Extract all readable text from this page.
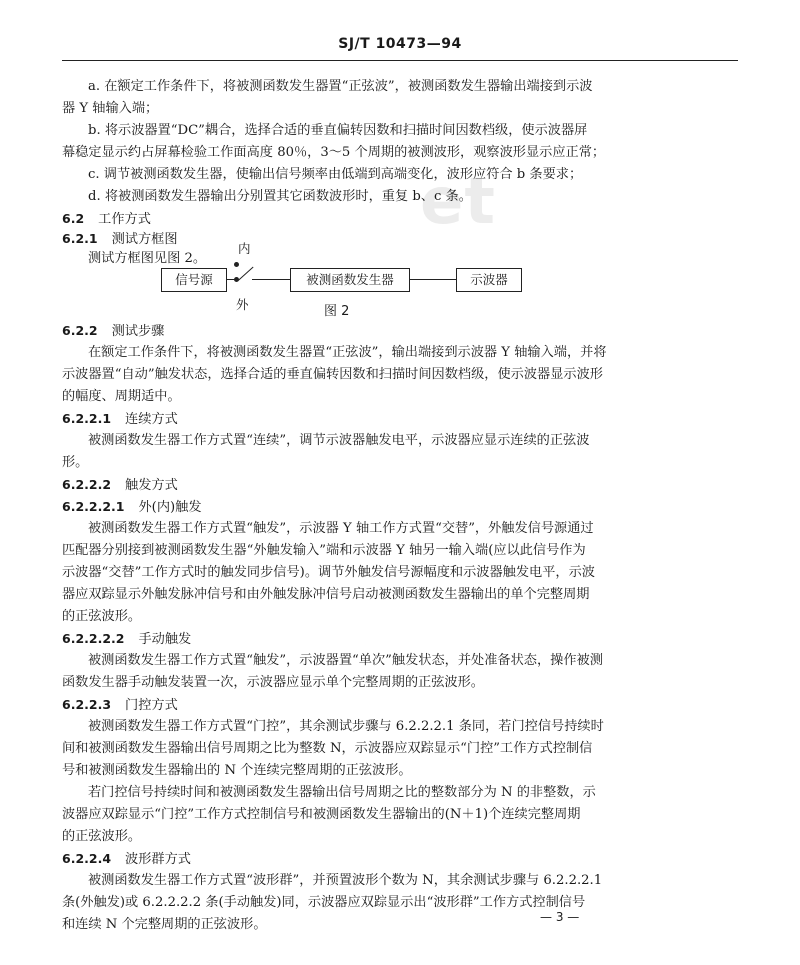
et
SJ/T 10473—94
a. 在额定工作条件下，将被测函数发生器置“正弦波”，被测函数发生器输出端接到示波
器 Y 轴输入端；
b. 将示波器置“DC”耦合，选择合适的垂直偏转因数和扫描时间因数档级，使示波器屏
幕稳定显示约占屏幕检验工作面高度 80％，3～5 个周期的被测波形，观察波形显示应正常；
c. 调节被测函数发生器，使输出信号频率由低端到高端变化，波形应符合 b 条要求；
d. 将被测函数发生器输出分别置其它函数波形时，重复 b、c 条。
6.2 工作方式
6.2.1 测试方框图
测试方框图见图 2。
信号源
内
外
被测函数发生器	示波器
图 2
6.2.2 测试步骤
在额定工作条件下，将被测函数发生器置“正弦波”，输出端接到示波器 Y 轴输入端，并将
示波器置“自动”触发状态，选择合适的垂直偏转因数和扫描时间因数档级，使示波器显示波形
的幅度、周期适中。
6.2.2.1 连续方式
被测函数发生器工作方式置“连续”，调节示波器触发电平，示波器应显示连续的正弦波
形。
6.2.2.2 触发方式
6.2.2.2.1 外(内)触发
被测函数发生器工作方式置“触发”，示波器 Y 轴工作方式置“交替”，外触发信号源通过
匹配器分别接到被测函数发生器“外触发输入”端和示波器 Y 轴另一输入端(应以此信号作为
示波器“交替”工作方式时的触发同步信号)。调节外触发信号源幅度和示波器触发电平，示波
器应双踪显示外触发脉冲信号和由外触发脉冲信号启动被测函数发生器输出的单个完整周期
的正弦波形。
6.2.2.2.2 手动触发
被测函数发生器工作方式置“触发”，示波器置“单次”触发状态，并处准备状态，操作被测
函数发生器手动触发装置一次，示波器应显示单个完整周期的正弦波形。
6.2.2.3 门控方式
被测函数发生器工作方式置“门控”，其余测试步骤与 6.2.2.2.1 条同，若门控信号持续时
间和被测函数发生器输出信号周期之比为整数 N，示波器应双踪显示“门控”工作方式控制信
号和被测函数发生器输出的 N 个连续完整周期的正弦波形。
若门控信号持续时间和被测函数发生器输出信号周期之比的整数部分为 N 的非整数，示
波器应双踪显示“门控”工作方式控制信号和被测函数发生器输出的(N＋1)个连续完整周期
的正弦波形。
6.2.2.4 波形群方式
被测函数发生器工作方式置“波形群”，并预置波形个数为 N，其余测试步骤与 6.2.2.2.1
条(外触发)或 6.2.2.2.2 条(手动触发)同，示波器应双踪显示出“波形群”工作方式控制信号
和连续 N 个完整周期的正弦波形。	— 3 —
